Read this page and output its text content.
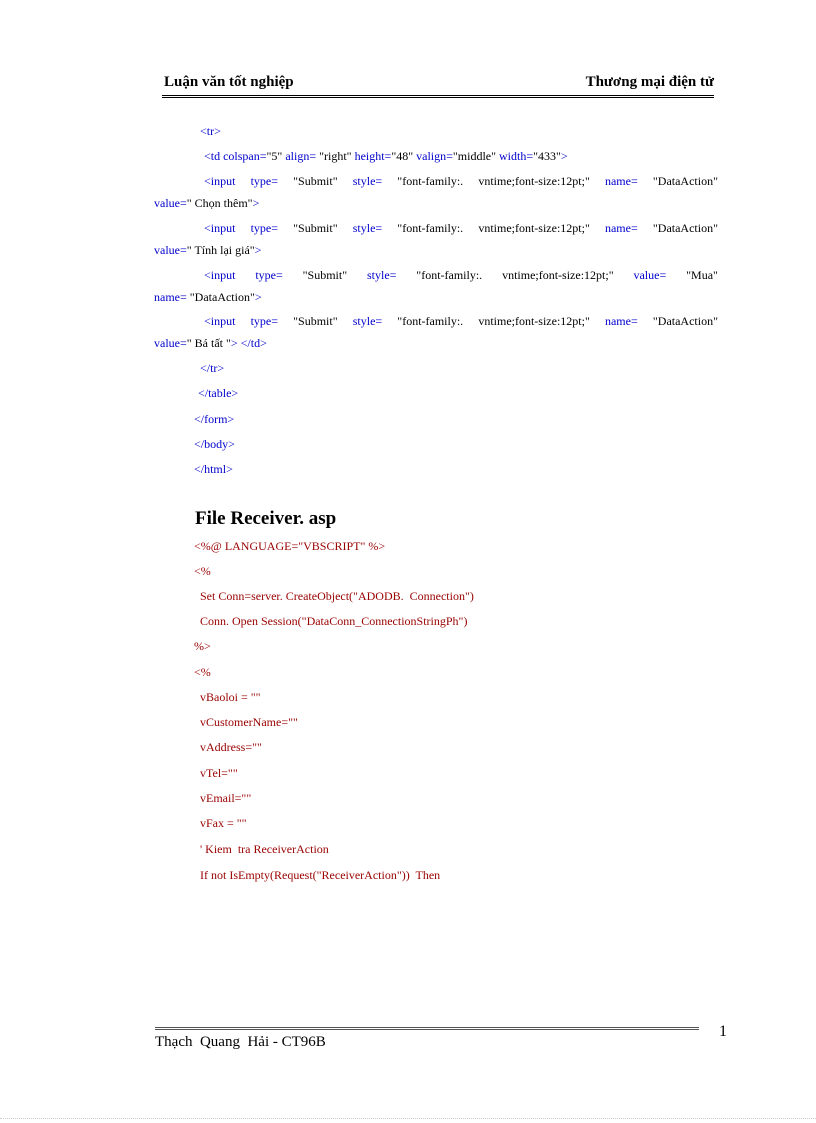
Luận văn tốt nghiệp	Thương mại điện tử
<tr>
<td colspan="5" align= "right" height="48" valign="middle" width="433">
<input type= "Submit" style= "font-family:. vntime;font-size:12pt;" name= "DataAction"
value=" Chọn thêm">
<input type= "Submit" style= "font-family:. vntime;font-size:12pt;" name= "DataAction"
value=" Tính lại giá">
<input type= "Submit" style= "font-family:. vntime;font-size:12pt;" value= "Mua"
name= "DataAction">
<input type= "Submit" style= "font-family:. vntime;font-size:12pt;" name= "DataAction"
value=" Bá tất "> </td>
</tr>
</table>
</form>
</body>
</html>
File Receiver. asp
<%@ LANGUAGE="VBSCRIPT" %>
<%
Set Conn=server. CreateObject("ADODB.  Connection")
Conn. Open Session("DataConn_ConnectionStringPh")
%>
<%
vBaoloi = ""
vCustomerName=""
vAddress=""
vTel=""
vEmail=""
vFax = ""
' Kiem  tra ReceiverAction
If not IsEmpty(Request("ReceiverAction"))  Then
Thạch  Quang  Hải - CT96B
1
